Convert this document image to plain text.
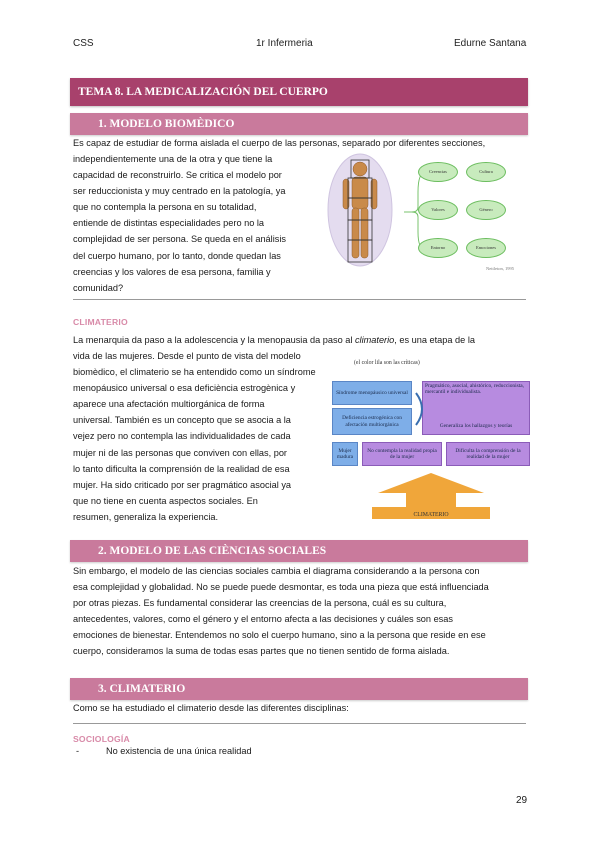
CSS	1r Infermeria	Edurne Santana
TEMA 8. LA MEDICALIZACIÓN DEL CUERPO
1. MODELO BIOMÈDICO
Es capaz de estudiar de forma aislada el cuerpo de las personas, separado por diferentes secciones,
independientemente una de la otra y que tiene la
capacidad de reconstruirlo. Se critica el modelo por
ser reduccionista y muy centrado en la patología, ya
que no contempla la persona en su totalidad,
entiende de distintas especialidades pero no la
complejidad de ser persona. Se queda en el análisis
del cuerpo humano, por lo tanto, donde quedan las
creencias y los valores de esa persona, familia y
comunidad?
Nettleton, 1995
Creencias	Cultura
Valores	Género
Entorno	Emociones
CLIMATERIO
La menarquia da paso a la adolescencia y la menopausia da paso al climaterio, es una etapa de la
vida de las mujeres. Desde el punto de vista del modelo
biomèdico, el climaterio se ha entendido como un síndrome
menopáusico universal o esa deficiència estrogènica y
aparece una afectación multiorgánica de forma
universal. También es un concepto que se asocia a la
vejez pero no contempla las individualidades de cada
mujer ni de las personas que conviven con ellas, por
lo tanto dificulta la comprensión de la realidad de esa
mujer. Ha sido criticado por ser pragmático asocial ya
que no tiene en cuenta aspectos sociales. En
resumen, generaliza la experiencia.
(el color lila son las críticas)
Síndrome menopáusico universal
Deficiencia estrogénica con afectación multiorgánica
Pragmático, asocial, ahistórico, reduccionista, mercantil e individualista.
Generaliza los hallazgos y teorías
Mujer madura
No contempla la realidad propia de la mujer
Dificulta la comprensión de la realidad de la mujer
CLIMATERIO
2. MODELO DE LAS CIÈNCIAS SOCIALES
Sin embargo, el modelo de las ciencias sociales cambia el diagrama considerando a la persona con
esa complejidad y globalidad. No se puede puede desmontar, es toda una pieza que está influenciada
por otras piezas. Es fundamental considerar las creencias de la persona, cuál es su cultura,
antecedentes, valores, como el género y el entorno afecta a las decisiones y cuáles son esas
emociones de bienestar. Entendemos no solo el cuerpo humano, sino a la persona que reside en ese
cuerpo, consideramos la suma de todas esas partes que no tienen sentido de forma aislada.
3. CLIMATERIO
Como se ha estudiado el climaterio desde las diferentes disciplinas:
SOCIOLOGÍA
-	No existencia de una única realidad
29
